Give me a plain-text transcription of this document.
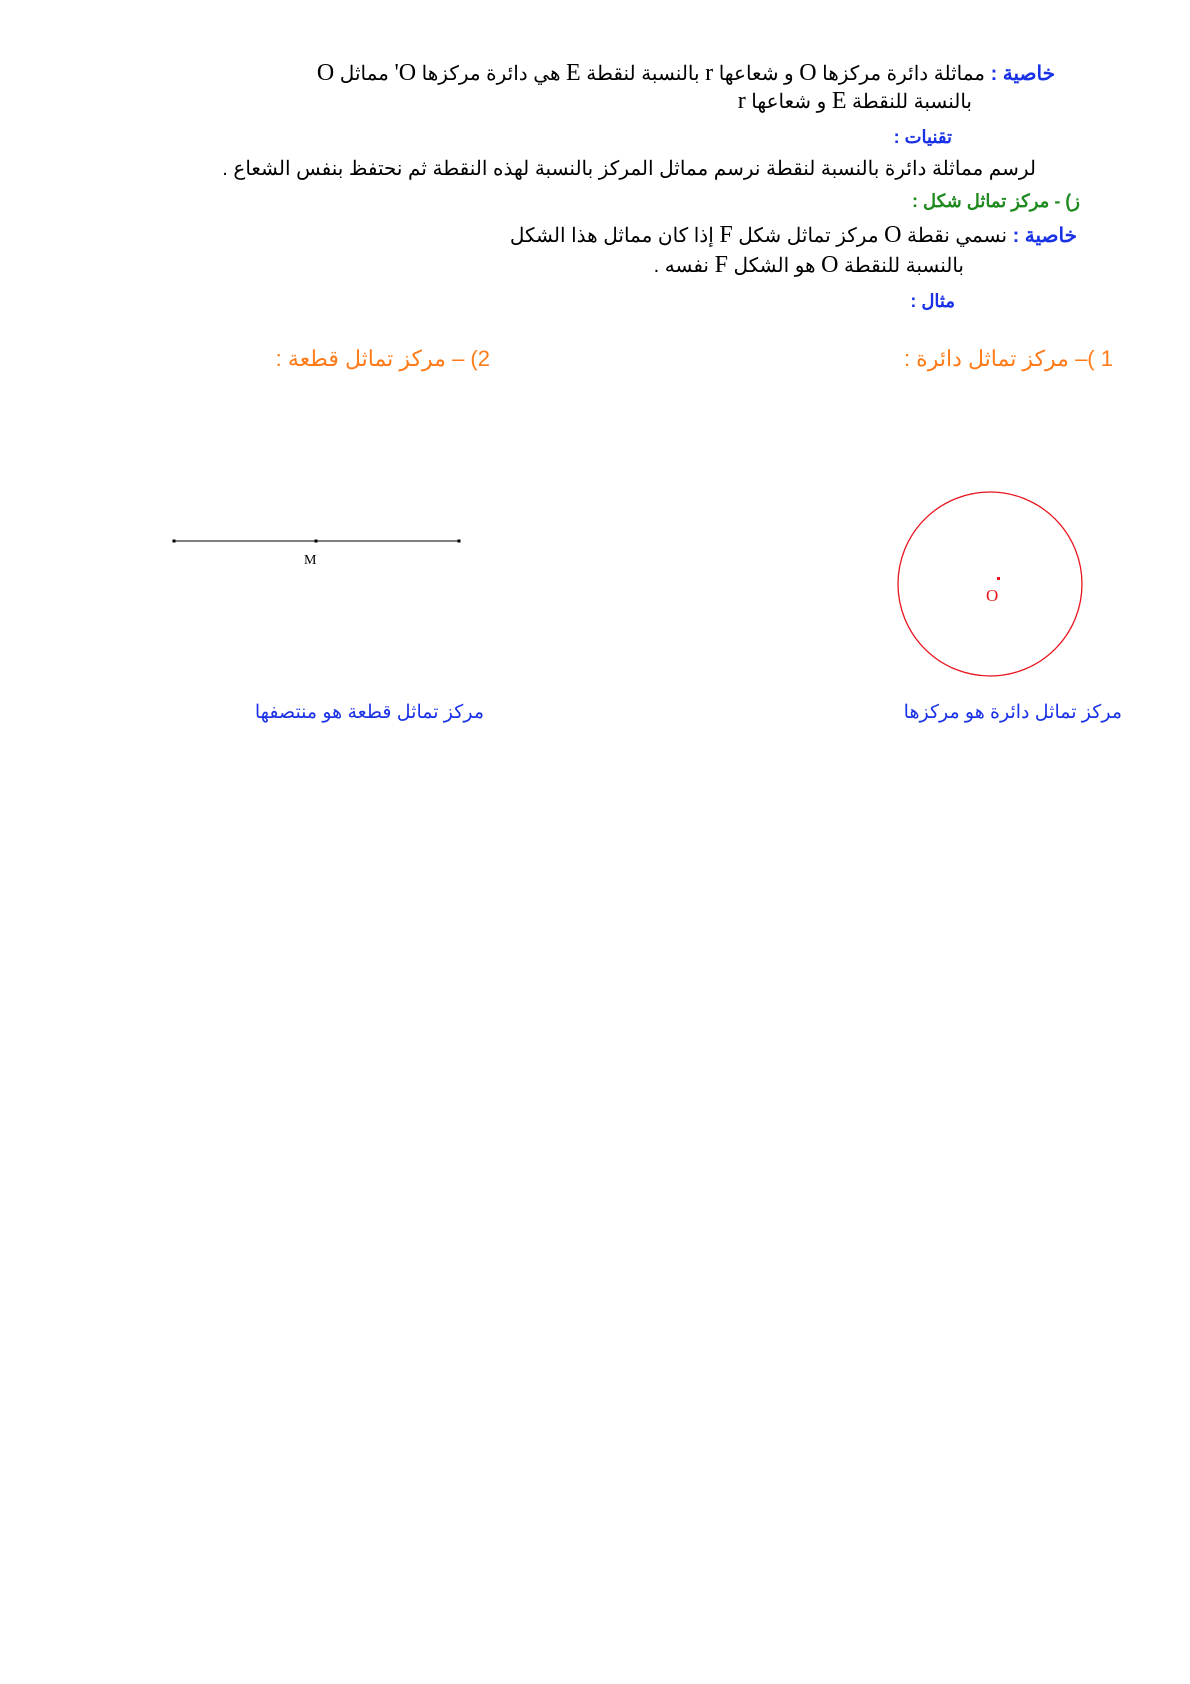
خاصية : مماثلة دائرة مركزها O و شعاعها r بالنسبة لنقطة E هي دائرة مركزها O' مماثل O
بالنسبة للنقطة E و شعاعها r
تقنيات :
لرسم مماثلة دائرة بالنسبة لنقطة نرسم مماثل المركز بالنسبة لهذه النقطة ثم نحتفظ بنفس الشعاع .
ز) - مركز تماثل شكل :
خاصية : نسمي نقطة O مركز تماثل شكل F إذا كان مماثل هذا الشكل
بالنسبة للنقطة O هو الشكل F نفسه .
مثال :
1 )– مركز تماثل دائرة :
2) – مركز تماثل قطعة :
O
M
مركز تماثل دائرة هو مركزها
مركز تماثل قطعة هو منتصفها
